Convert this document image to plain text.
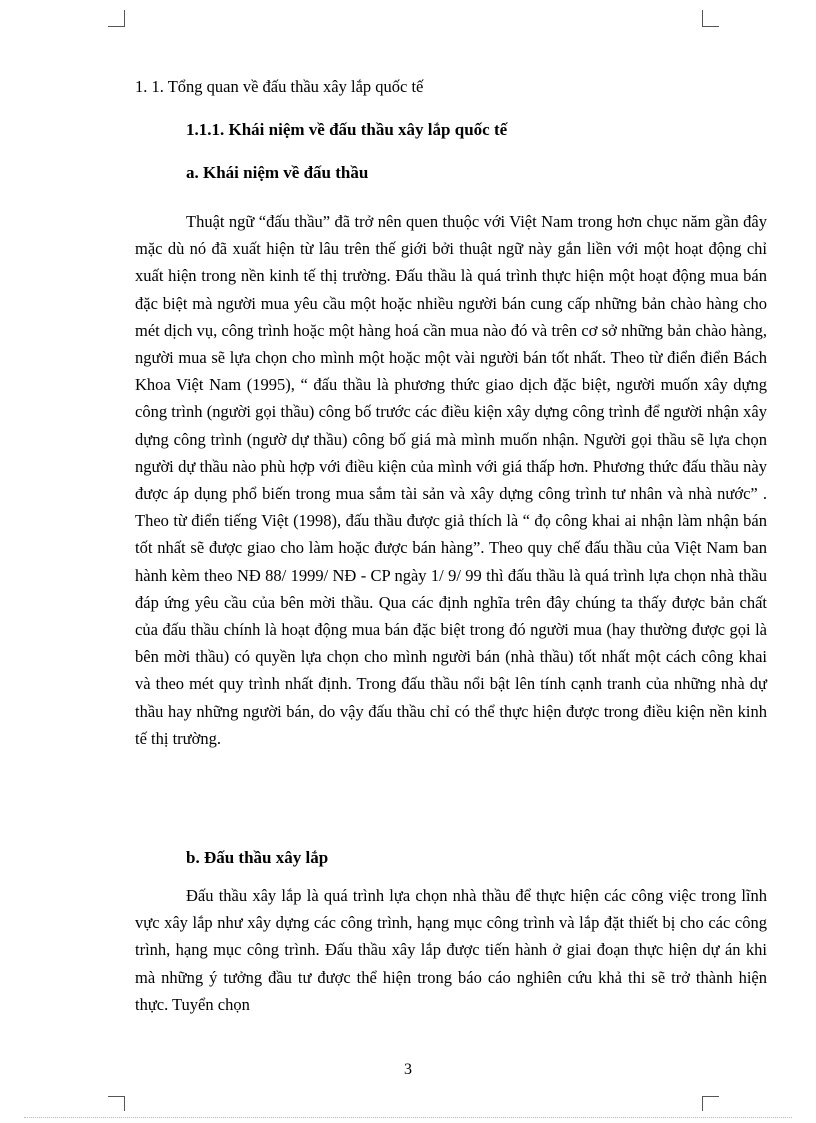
1. 1. Tổng quan về đấu thầu xây lắp quốc tế
1.1.1. Khái niệm về đấu thầu xây lắp quốc tế
a. Khái niệm về đấu thầu

Thuật ngữ “đấu thầu” đã trở nên quen thuộc với Việt Nam trong hơn chục năm gần đây mặc dù nó đã xuất hiện từ lâu trên thế giới bởi thuật ngữ này gắn liền với một hoạt động chỉ xuất hiện trong nền kinh tế thị trường. Đấu thầu là quá trình thực hiện một hoạt động mua bán đặc biệt mà người mua yêu cầu một hoặc nhiều người bán cung cấp những bản chào hàng cho mét dịch vụ, công trình hoặc một hàng hoá cần mua nào đó và trên cơ sở những bản chào hàng, người mua sẽ lựa chọn cho mình một hoặc một vài người bán tốt nhất. Theo từ điển điển Bách Khoa Việt Nam (1995), “ đấu thầu là phương thức giao dịch đặc biệt, người muốn xây dựng công trình (người gọi thầu) công bố trước các điều kiện xây dựng công trình để người nhận xây dựng công trình (ngườ dự thầu) công bố giá mà mình muốn nhận. Người gọi thầu sẽ lựa chọn người dự thầu nào phù hợp với điều kiện của mình với giá thấp hơn. Phương thức đấu thầu này được áp dụng phổ biến trong mua sắm tài sản và xây dựng công trình tư nhân và nhà nước” . Theo từ điển tiếng Việt (1998), đấu thầu được giả thích là “ đọ công khai ai nhận làm nhận bán tốt nhất sẽ được giao cho làm hoặc được bán hàng”. Theo quy chế đấu thầu của Việt Nam ban hành kèm theo NĐ 88/ 1999/ NĐ - CP ngày 1/ 9/ 99 thì đấu thầu là quá trình lựa chọn nhà thầu đáp ứng yêu cầu của bên mời thầu. Qua các định nghĩa trên đây chúng ta thấy được bản chất của đấu thầu chính là hoạt động mua bán đặc biệt trong đó người mua (hay thường được gọi là bên mời thầu) có quyền lựa chọn cho mình người bán (nhà thầu) tốt nhất một cách công khai và theo mét quy trình nhất định. Trong đấu thầu nổi bật lên tính cạnh tranh của những nhà dự thầu hay những người bán, do vậy đấu thầu chỉ có thể thực hiện được trong điều kiện nền kinh tế thị trường.

b. Đấu thầu xây lắp

Đấu thầu xây lắp là quá trình lựa chọn nhà thầu để thực hiện các công việc trong lĩnh vực xây lắp như xây dựng các công trình, hạng mục công trình và lắp đặt thiết bị cho các công trình, hạng mục công trình. Đấu thầu xây lắp được tiến hành ở giai đoạn thực hiện dự án khi mà những ý tưởng đầu tư được thể hiện trong báo cáo nghiên cứu khả thi sẽ trở thành hiện thực. Tuyển chọn

3
